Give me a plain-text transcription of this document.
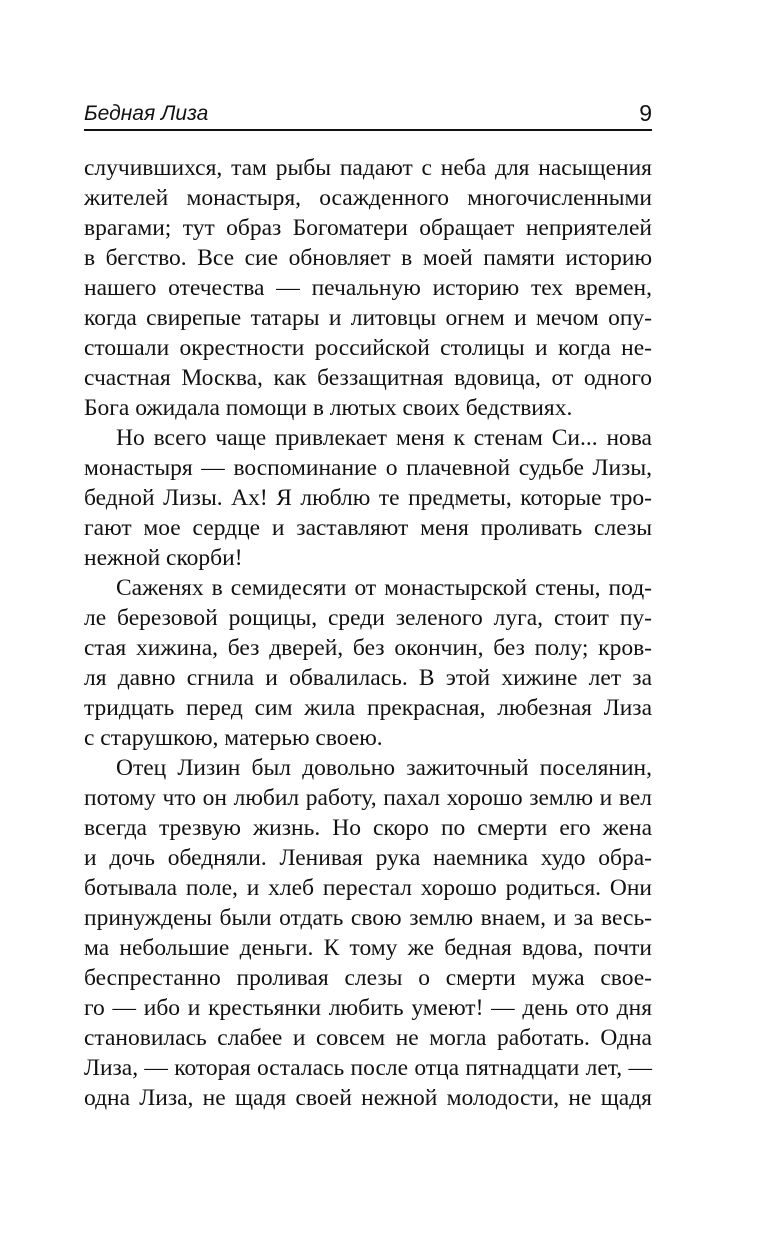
Бедная Лиза	9
случившихся, там рыбы падают с неба для насыщения
жителей монастыря, осажденного многочисленными
врагами; тут образ Богоматери обращает неприятелей
в бегство. Все сие обновляет в моей памяти историю
нашего отечества — печальную историю тех времен,
когда свирепые татары и литовцы огнем и мечом опу-
стошали окрестности российской столицы и когда не-
счастная Москва, как беззащитная вдовица, от одного
Бога ожидала помощи в лютых своих бедствиях.
Но всего чаще привлекает меня к стенам Си... нова
монастыря — воспоминание о плачевной судьбе Лизы,
бедной Лизы. Ах! Я люблю те предметы, которые тро-
гают мое сердце и заставляют меня проливать слезы
нежной скорби!
Саженях в семидесяти от монастырской стены, под-
ле березовой рощицы, среди зеленого луга, стоит пу-
стая хижина, без дверей, без окончин, без полу; кров-
ля давно сгнила и обвалилась. В этой хижине лет за
тридцать перед сим жила прекрасная, любезная Лиза
с старушкою, матерью своею.
Отец Лизин был довольно зажиточный поселянин,
потому что он любил работу, пахал хорошо землю и вел
всегда трезвую жизнь. Но скоро по смерти его жена
и дочь обедняли. Ленивая рука наемника худо обра-
ботывала поле, и хлеб перестал хорошо родиться. Они
принуждены были отдать свою землю внаем, и за весь-
ма небольшие деньги. К тому же бедная вдова, почти
беспрестанно проливая слезы о смерти мужа свое-
го — ибо и крестьянки любить умеют! — день ото дня
становилась слабее и совсем не могла работать. Одна
Лиза, — которая осталась после отца пятнадцати лет, —
одна Лиза, не щадя своей нежной молодости, не щадя
